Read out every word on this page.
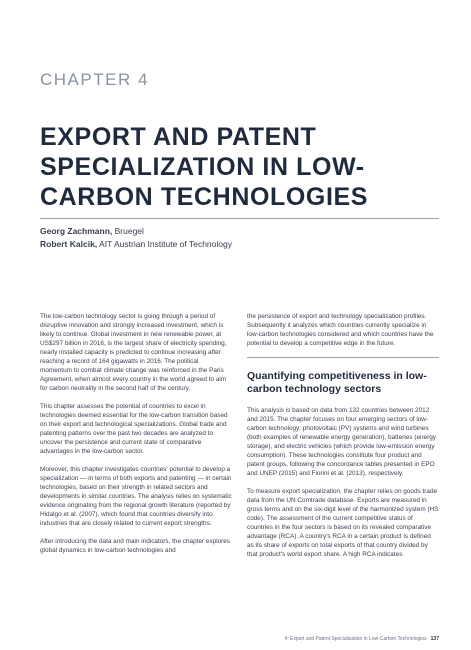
CHAPTER 4
EXPORT AND PATENT
SPECIALIZATION IN LOW-
CARBON TECHNOLOGIES
Georg Zachmann, Bruegel
Robert Kalcik, AIT Austrian Institute of Technology

The low-carbon technology sector is going through a period of disruptive innovation and strongly increased investment, which is likely to continue. Global investment in new renewable power, at US$297 billion in 2016, is the largest share of electricity spending, nearly installed capacity is predicted to continue increasing after reaching a record of 164 gigawatts in 2016. The political momentum to combat climate change was reinforced in the Paris Agreement, when almost every country in the world agreed to aim for carbon neutrality in the second half of the century.

This chapter assesses the potential of countries to excel in technologies deemed essential for the low-carbon transition based on their export and technological specializations. Global trade and patenting patterns over the past two decades are analyzed to uncover the persistence and current state of comparative advantages in the low-carbon sector.

Moreover, this chapter investigates countries' potential to develop a specialization — in terms of both exports and patenting — in certain technologies, based on their strength in related sectors and developments in similar countries. The analysis relies on systematic evidence originating from the regional growth literature (reported by Hidalgo et al. (2007), which found that countries diversify into industries that are closely related to current export strengths.

After introducing the data and main indicators, the chapter explores global dynamics in low-carbon technologies and

the persistence of export and technology specialization profiles. Subsequently it analyzes which countries currently specialize in low-carbon technologies considered and which countries have the potential to develop a competitive edge in the future.

Quantifying competitiveness in low-carbon technology sectors

This analysis is based on data from 132 countries between 2012 and 2015. The chapter focuses on four emerging sectors of low-carbon technology: photovoltaic (PV) systems and wind turbines (both examples of renewable energy generation), batteries (energy storage), and electric vehicles (which provide low-emission energy consumption). These technologies constitute four product and patent groups, following the concordance tables presented in EPO and UNEP (2015) and Fiorini et al. (2013), respectively.

To measure export specialization, the chapter relies on goods trade data from the UN Comtrade database. Exports are measured in gross terms and on the six-digit level of the harmonized system (HS code). The assessment of the current competitive status of countries in the four sectors is based on its revealed comparative advantage (RCA). A country's RCA in a certain product is defined as its share of exports on total exports of that country divided by that product's world export share. A high RCA indicates

4: Export and Patent Specialization in Low-Carbon Technologies 137
